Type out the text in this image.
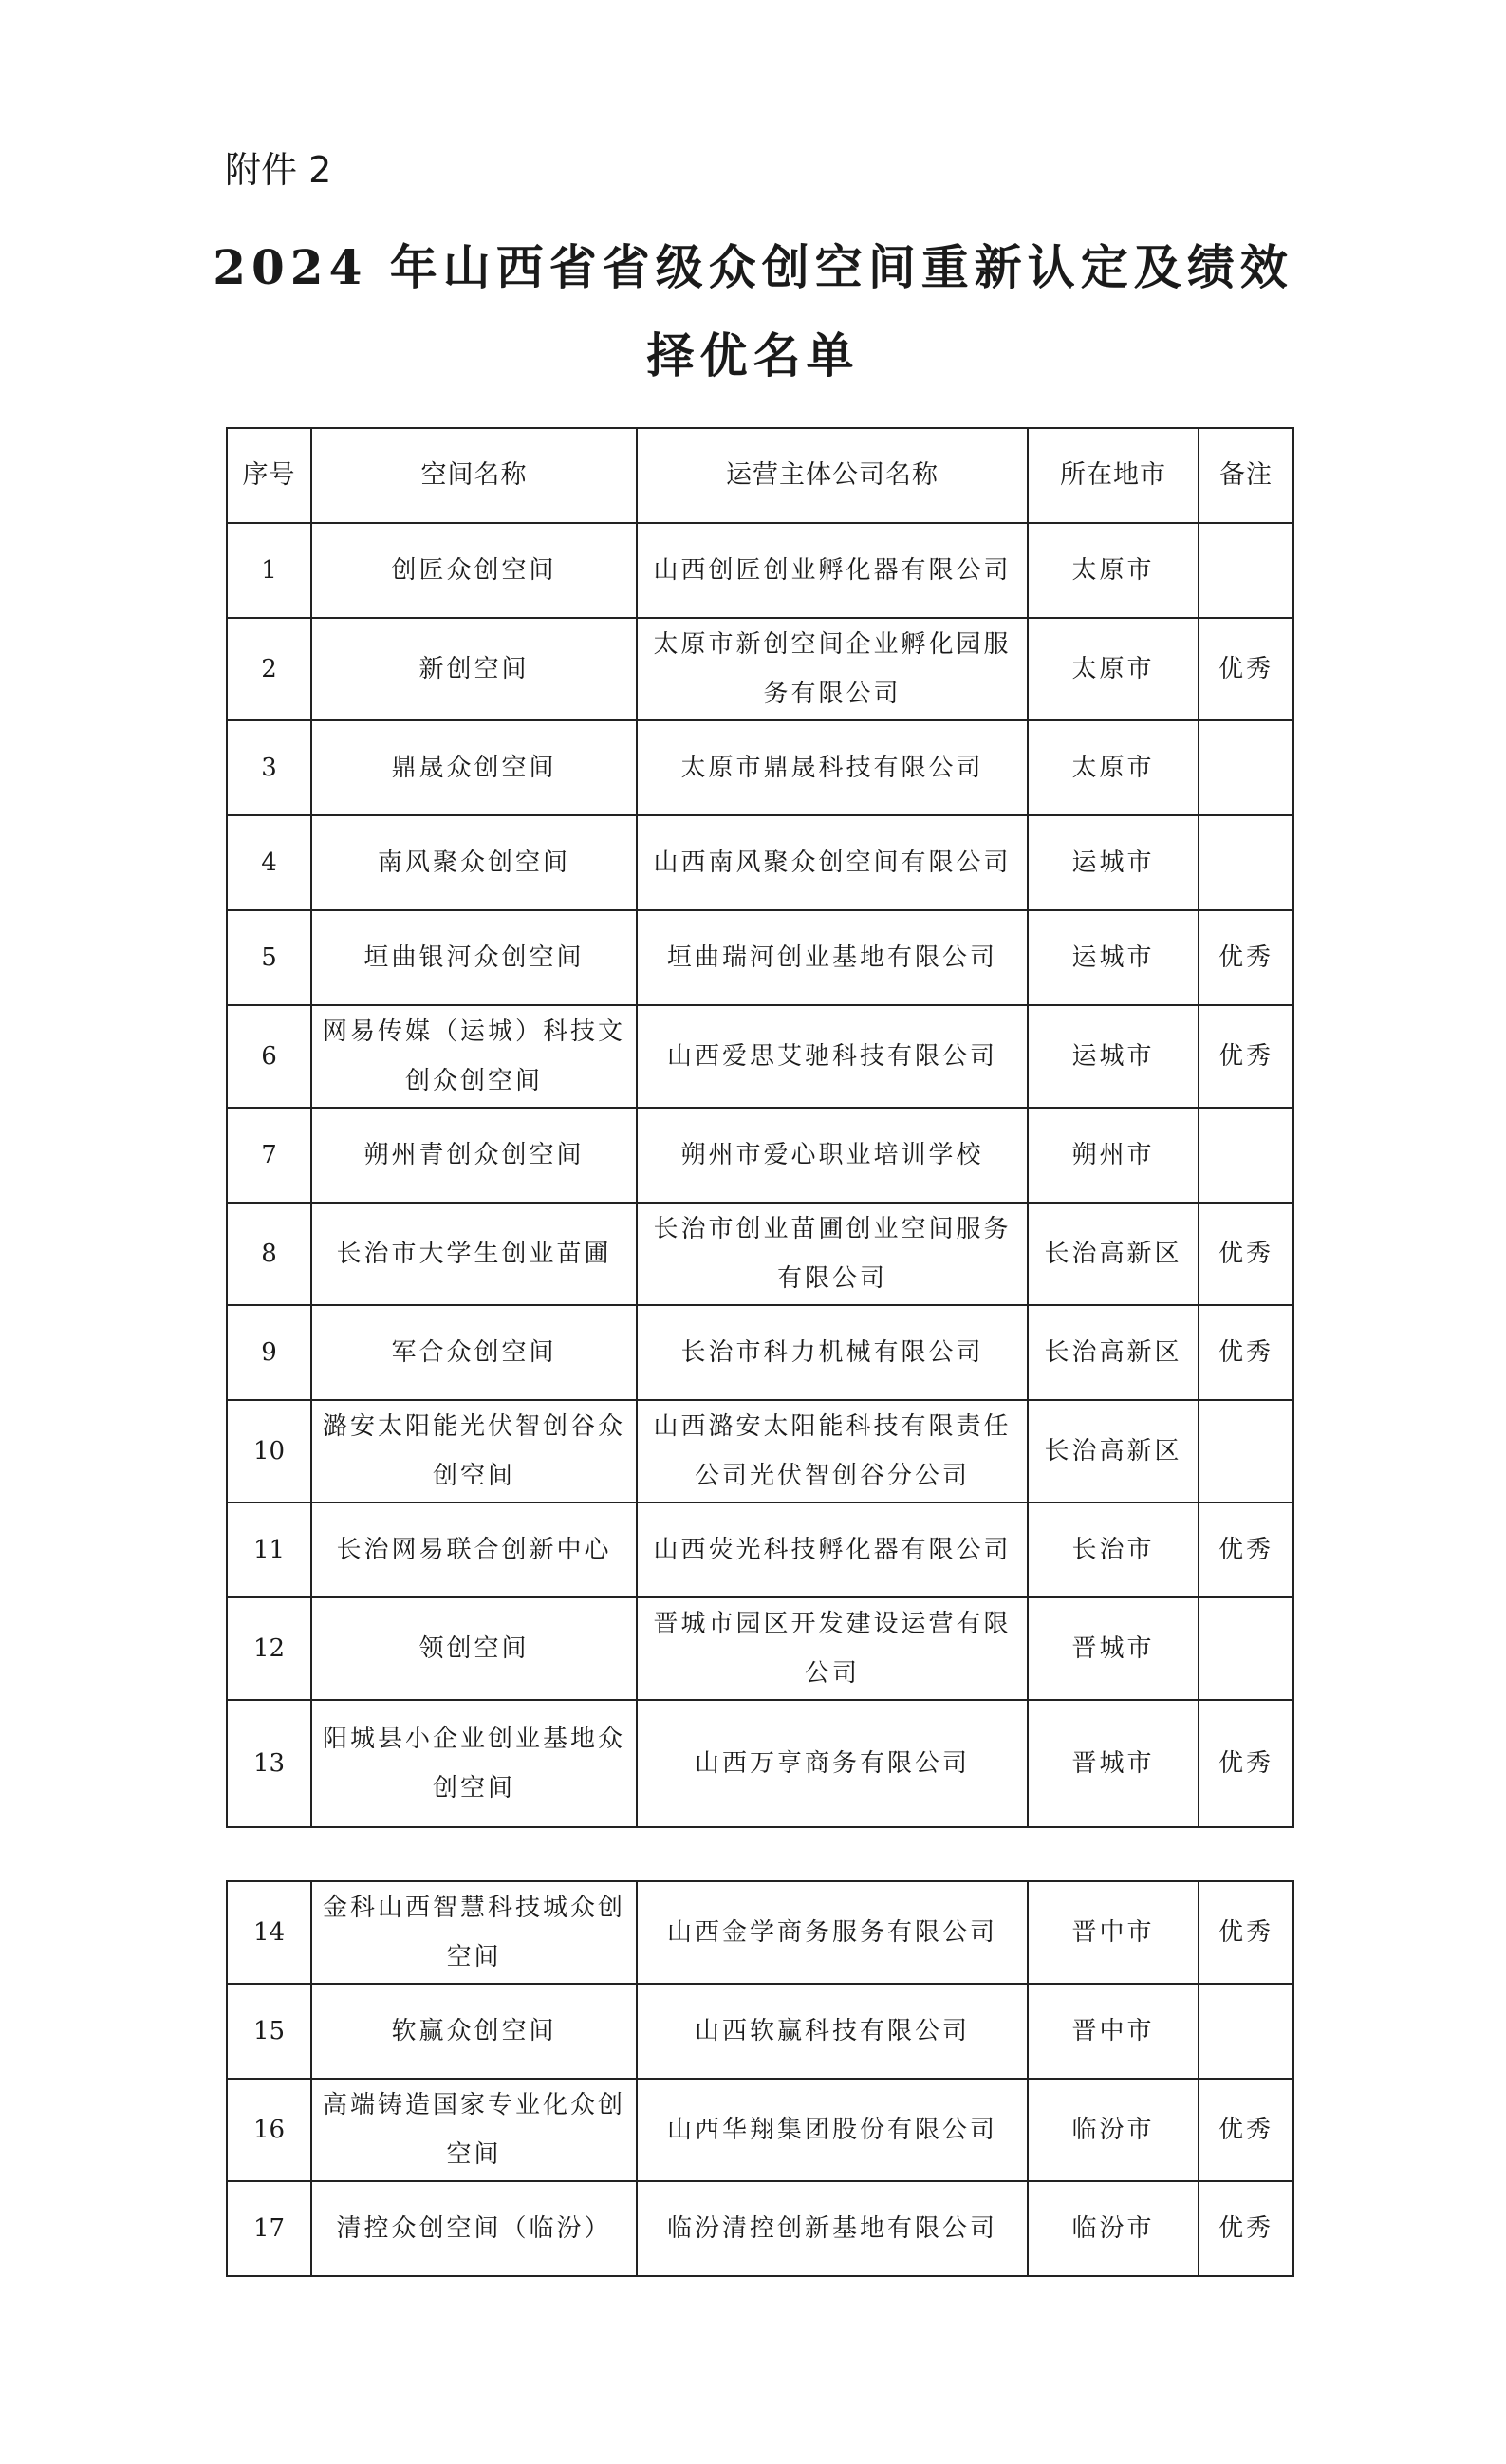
附件 2
2024 年山西省省级众创空间重新认定及绩效
择优名单
序号	空间名称	运营主体公司名称	所在地市	备注
1	创匠众创空间	山西创匠创业孵化器有限公司	太原市	
2	新创空间	太原市新创空间企业孵化园服务有限公司	太原市	优秀
3	鼎晟众创空间	太原市鼎晟科技有限公司	太原市	
4	南风聚众创空间	山西南风聚众创空间有限公司	运城市	
5	垣曲银河众创空间	垣曲瑞河创业基地有限公司	运城市	优秀
6	网易传媒（运城）科技文创众创空间	山西爱思艾驰科技有限公司	运城市	优秀
7	朔州青创众创空间	朔州市爱心职业培训学校	朔州市	
8	长治市大学生创业苗圃	长治市创业苗圃创业空间服务有限公司	长治高新区	优秀
9	军合众创空间	长治市科力机械有限公司	长治高新区	优秀
10	潞安太阳能光伏智创谷众创空间	山西潞安太阳能科技有限责任公司光伏智创谷分公司	长治高新区	
11	长治网易联合创新中心	山西荧光科技孵化器有限公司	长治市	优秀
12	领创空间	晋城市园区开发建设运营有限公司	晋城市	
13	阳城县小企业创业基地众创空间	山西万亨商务有限公司	晋城市	优秀
14	金科山西智慧科技城众创空间	山西金学商务服务有限公司	晋中市	优秀
15	软赢众创空间	山西软赢科技有限公司	晋中市	
16	高端铸造国家专业化众创空间	山西华翔集团股份有限公司	临汾市	优秀
17	清控众创空间（临汾）	临汾清控创新基地有限公司	临汾市	优秀
